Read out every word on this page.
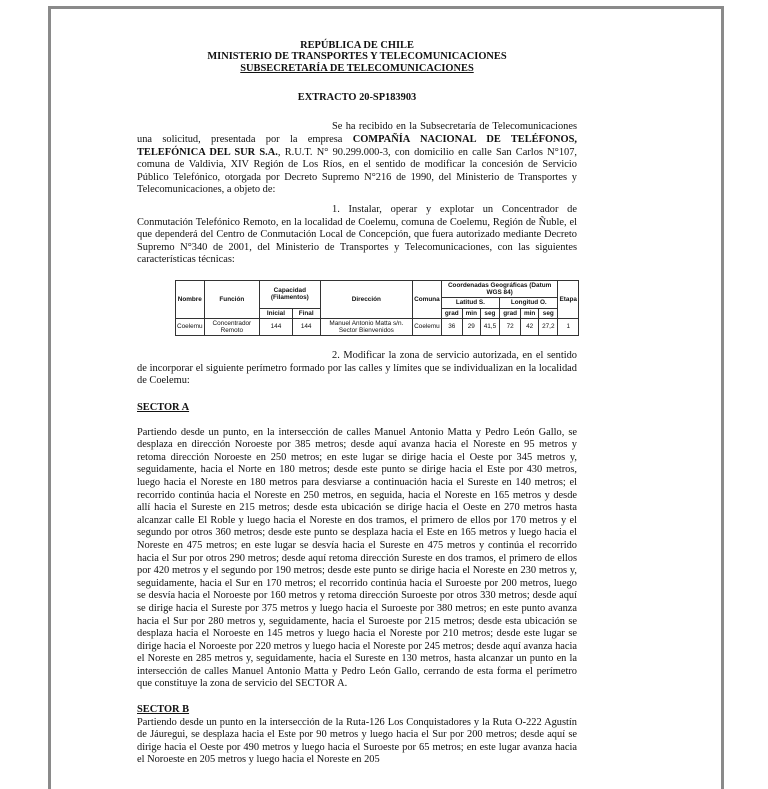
REPÚBLICA DE CHILE
MINISTERIO DE TRANSPORTES Y TELECOMUNICACIONES
SUBSECRETARÍA DE TELECOMUNICACIONES
EXTRACTO 20-SP183903

Se ha recibido en la Subsecretaría de Telecomunicaciones una solicitud, presentada por la empresa COMPAÑÍA NACIONAL DE TELÉFONOS, TELEFÓNICA DEL SUR S.A., R.U.T. N° 90.299.000-3, con domicilio en calle San Carlos N°107, comuna de Valdivia, XIV Región de Los Ríos, en el sentido de modificar la concesión de Servicio Público Telefónico, otorgada por Decreto Supremo N°216 de 1990, del Ministerio de Transportes y Telecomunicaciones, a objeto de:

1. Instalar, operar y explotar un Concentrador de Conmutación Telefónico Remoto, en la localidad de Coelemu, comuna de Coelemu, Región de Ñuble, el que dependerá del Centro de Conmutación Local de Concepción, que fuera autorizado mediante Decreto Supremo N°340 de 2001, del Ministerio de Transportes y Telecomunicaciones, con las siguientes características técnicas:

Nombre	Función	Capacidad (Filamentos)		Dirección	Comuna	Coordenadas Geográficas (Datum WGS 84)						Etapa
						Latitud S.			Longitud O.			
		Inicial	Final			grad	min	seg	grad	min	seg	
Coelemu	Concentrador Remoto	144	144	Manuel Antonio Matta s/n. Sector Bienvenidos	Coelemu	36	29	41,5	72	42	27,2	1

2. Modificar la zona de servicio autorizada, en el sentido de incorporar el siguiente perímetro formado por las calles y límites que se individualizan en la localidad de Coelemu:

SECTOR A

Partiendo desde un punto, en la intersección de calles Manuel Antonio Matta y Pedro León Gallo, se desplaza en dirección Noroeste por 385 metros; desde aquí avanza hacia el Noreste en 95 metros y retoma dirección Noroeste en 250 metros; en este lugar se dirige hacia el Oeste por 345 metros y, seguidamente, hacia el Norte en 180 metros; desde este punto se dirige hacia el Este por 430 metros, luego hacia el Noreste en 180 metros para desviarse a continuación hacia el Sureste en 140 metros; el recorrido continúa hacia el Noreste en 250 metros, en seguida, hacia el Noreste en 165 metros y desde allí hacia el Sureste en 215 metros; desde esta ubicación se dirige hacia el Oeste en 270 metros hasta alcanzar calle El Roble y luego hacia el Noreste en dos tramos, el primero de ellos por 170 metros y el segundo por otros 360 metros; desde este punto se desplaza hacia el Este en 165 metros y luego hacia el Noreste en 475 metros; en este lugar se desvía hacia el Sureste en 475 metros y continúa el recorrido hacia el Sur por otros 290 metros; desde aquí retoma dirección Sureste en dos tramos, el primero de ellos por 420 metros y el segundo por 190 metros; desde este punto se dirige hacia el Noreste en 230 metros y, seguidamente, hacia el Sur en 170 metros; el recorrido continúa hacia el Suroeste por 200 metros, luego se desvía hacia el Noroeste por 160 metros y retoma dirección Suroeste por otros 330 metros; desde aquí se dirige hacia el Sureste por 375 metros y luego hacia el Suroeste por 380 metros; en este punto avanza hacia el Sur por 280 metros y, seguidamente, hacia el Suroeste por 215 metros; desde esta ubicación se desplaza hacia el Noroeste en 145 metros y luego hacia el Noreste por 210 metros; desde este lugar se dirige hacia el Noroeste por 220 metros y luego hacia el Noreste por 245 metros; desde aquí avanza hacia el Noreste en 285 metros y, seguidamente, hacia el Sureste en 130 metros, hasta alcanzar un punto en la intersección de calles Manuel Antonio Matta y Pedro León Gallo, cerrando de esta forma el perímetro que constituye la zona de servicio del SECTOR A.

SECTOR B

Partiendo desde un punto en la intersección de la Ruta-126 Los Conquistadores y la Ruta O-222 Agustín de Jáuregui, se desplaza hacia el Este por 90 metros y luego hacia el Sur por 200 metros; desde aquí se dirige hacia el Oeste por 490 metros y luego hacia el Suroeste por 65 metros; en este lugar avanza hacia el Noroeste en 205 metros y luego hacia el Noreste en 205
